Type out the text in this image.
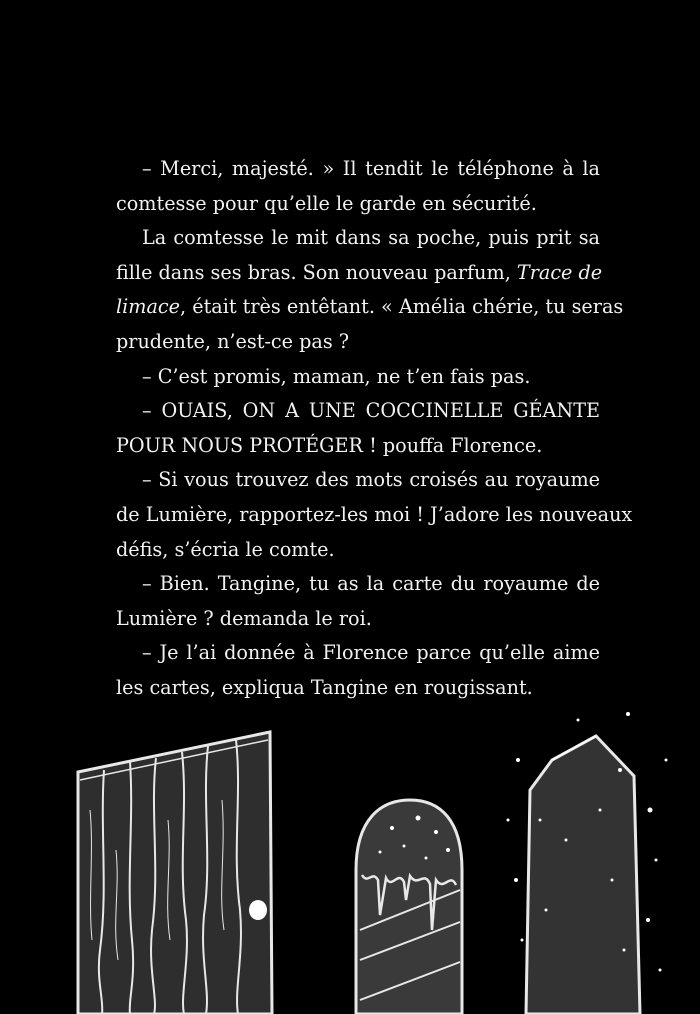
– Merci, majesté. » Il tendit le téléphone à la
comtesse pour qu’elle le garde en sécurité.
La comtesse le mit dans sa poche, puis prit sa
fille dans ses bras. Son nouveau parfum, Trace de
limace, était très entêtant. « Amélia chérie, tu seras
prudente, n’est-ce pas ?
– C’est promis, maman, ne t’en fais pas.
– OUAIS, ON A UNE COCCINELLE GÉANTE
POUR NOUS PROTÉGER ! pouffa Florence.
– Si vous trouvez des mots croisés au royaume
de Lumière, rapportez-les moi ! J’adore les nouveaux
défis, s’écria le comte.
– Bien. Tangine, tu as la carte du royaume de
Lumière ? demanda le roi.
– Je l’ai donnée à Florence parce qu’elle aime
les cartes, expliqua Tangine en rougissant.
